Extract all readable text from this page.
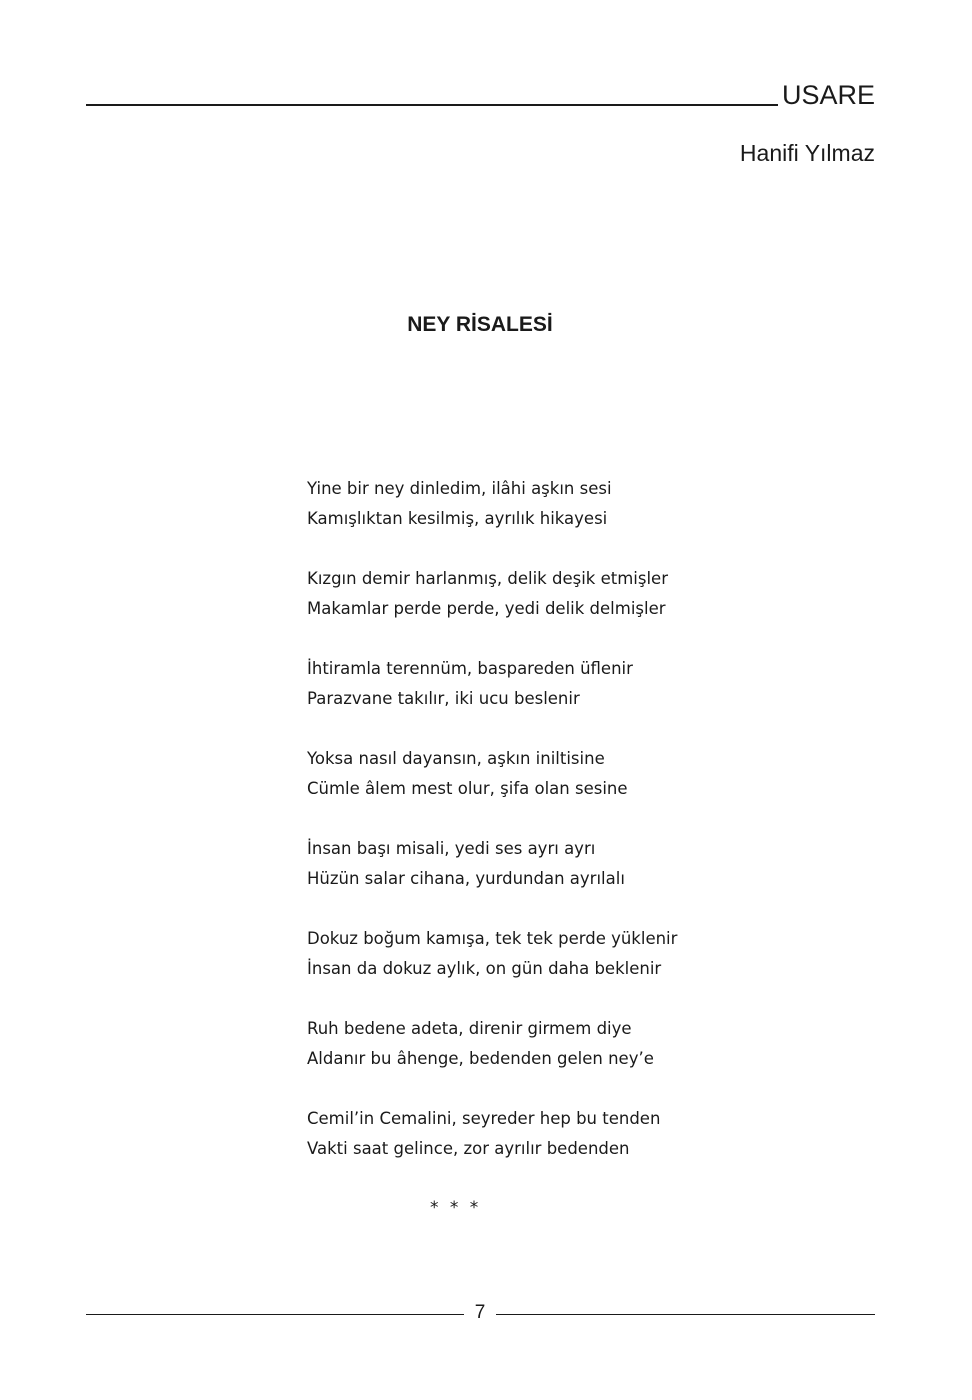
USARE
Hanifi Yılmaz
NEY RİSALESİ
Yine bir ney dinledim, ilâhi aşkın sesi
Kamışlıktan kesilmiş, ayrılık hikayesi
Kızgın demir harlanmış, delik deşik etmişler
Makamlar perde perde, yedi delik delmişler
İhtiramla terennüm, baspareden üflenir
Parazvane takılır, iki ucu beslenir
Yoksa nasıl dayansın, aşkın iniltisine
Cümle âlem mest olur, şifa olan sesine
İnsan başı misali, yedi ses ayrı ayrı
Hüzün salar cihana, yurdundan ayrılalı
Dokuz boğum kamışa, tek tek perde yüklenir
İnsan da dokuz aylık, on gün daha beklenir
Ruh bedene adeta, direnir girmem diye
Aldanır bu âhenge, bedenden gelen ney’e
Cemil’in Cemalini, seyreder hep bu tenden
Vakti saat gelince, zor ayrılır bedenden
* * *
7
